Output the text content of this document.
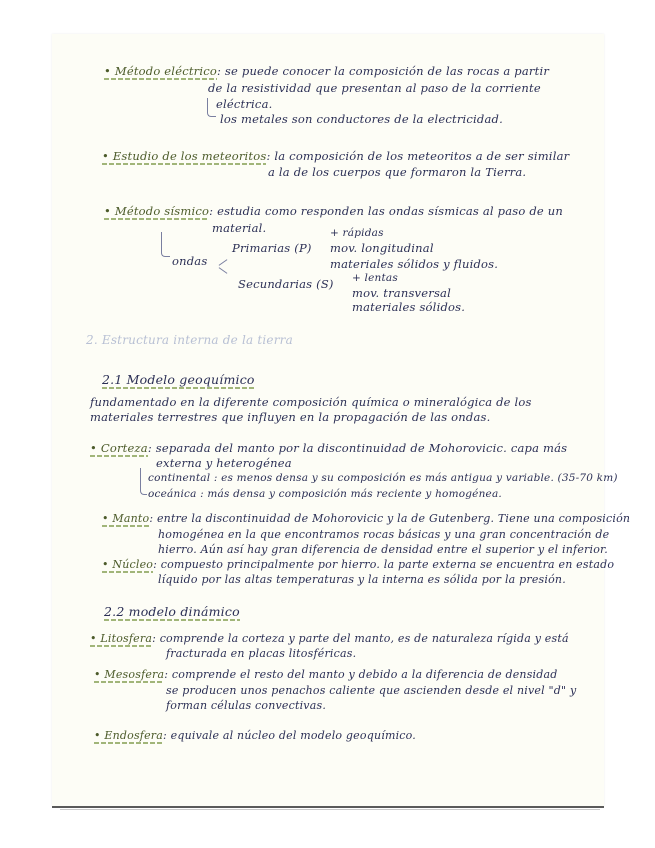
• Método eléctrico: se puede conocer la composición de las rocas a partir
de la resistividad que presentan al paso de la corriente
eléctrica.
los metales son conductores de la electricidad.
• Estudio de los meteoritos: la composición de los meteoritos a de ser similar
a la de los cuerpos que formaron la Tierra.
• Método sísmico: estudia como responden las ondas sísmicas al paso de un
material.
ondas
Primarias (P)
+ rápidas
mov. longitudinal
materiales sólidos y fluidos.
Secundarias (S) + lentas
mov. transversal
materiales sólidos.
2. Estructura interna de la tierra
2.1 Modelo geoquímico
fundamentado en la diferente composición química o mineralógica de los
materiales terrestres que influyen en la propagación de las ondas.
• Corteza: separada del manto por la discontinuidad de Mohorovicic. capa más
externa y heterogénea
continental : es menos densa y su composición es más antigua y variable. (35-70 km)
oceánica : más densa y composición más reciente y homogénea.
• Manto: entre la discontinuidad de Mohorovicic y la de Gutenberg. Tiene una composición
homogénea en la que encontramos rocas básicas y una gran concentración de
hierro. Aún así hay gran diferencia de densidad entre el superior y el inferior.
• Núcleo: compuesto principalmente por hierro. la parte externa se encuentra en estado
líquido por las altas temperaturas y la interna es sólida por la presión.
2.2 modelo dinámico
• Litosfera: comprende la corteza y parte del manto, es de naturaleza rígida y está
fracturada en placas litosféricas.
• Mesosfera: comprende el resto del manto y debido a la diferencia de densidad
se producen unos penachos caliente que ascienden desde el nivel "d" y
forman células convectivas.
• Endosfera: equivale al núcleo del modelo geoquímico.
